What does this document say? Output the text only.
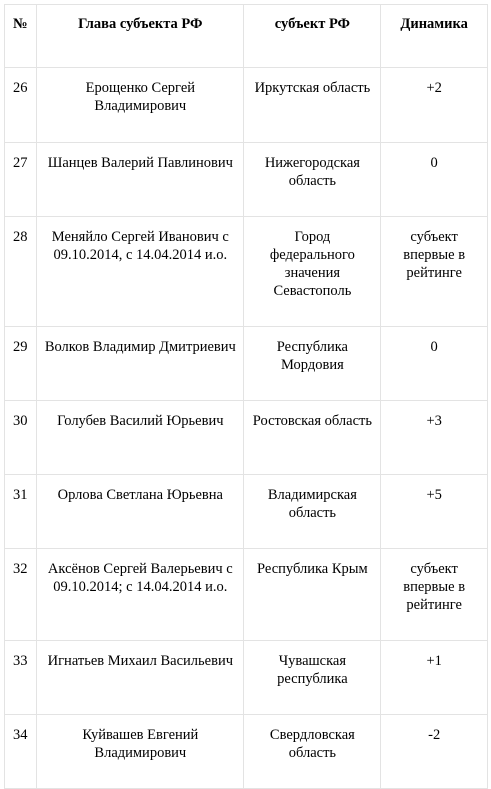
№	Глава субъекта РФ	субъект РФ	Динамика
26	Ерощенко Сергей Владимирович	Иркутская область	+2
27	Шанцев Валерий Павлинович	Нижегородская область	0
28	Меняйло Сергей Иванович с 09.10.2014, с 14.04.2014 и.о.	Город федерального значения Севастополь	субъект впервые в рейтинге
29	Волков Владимир Дмитриевич	Республика Мордовия	0
30	Голубев Василий Юрьевич	Ростовская область	+3
31	Орлова Светлана Юрьевна	Владимирская область	+5
32	Аксёнов Сергей Валерьевич с 09.10.2014; с 14.04.2014 и.о.	Республика Крым	субъект впервые в рейтинге
33	Игнатьев Михаил Васильевич	Чувашская республика	+1
34	Куйвашев Евгений Владимирович	Свердловская область	-2
